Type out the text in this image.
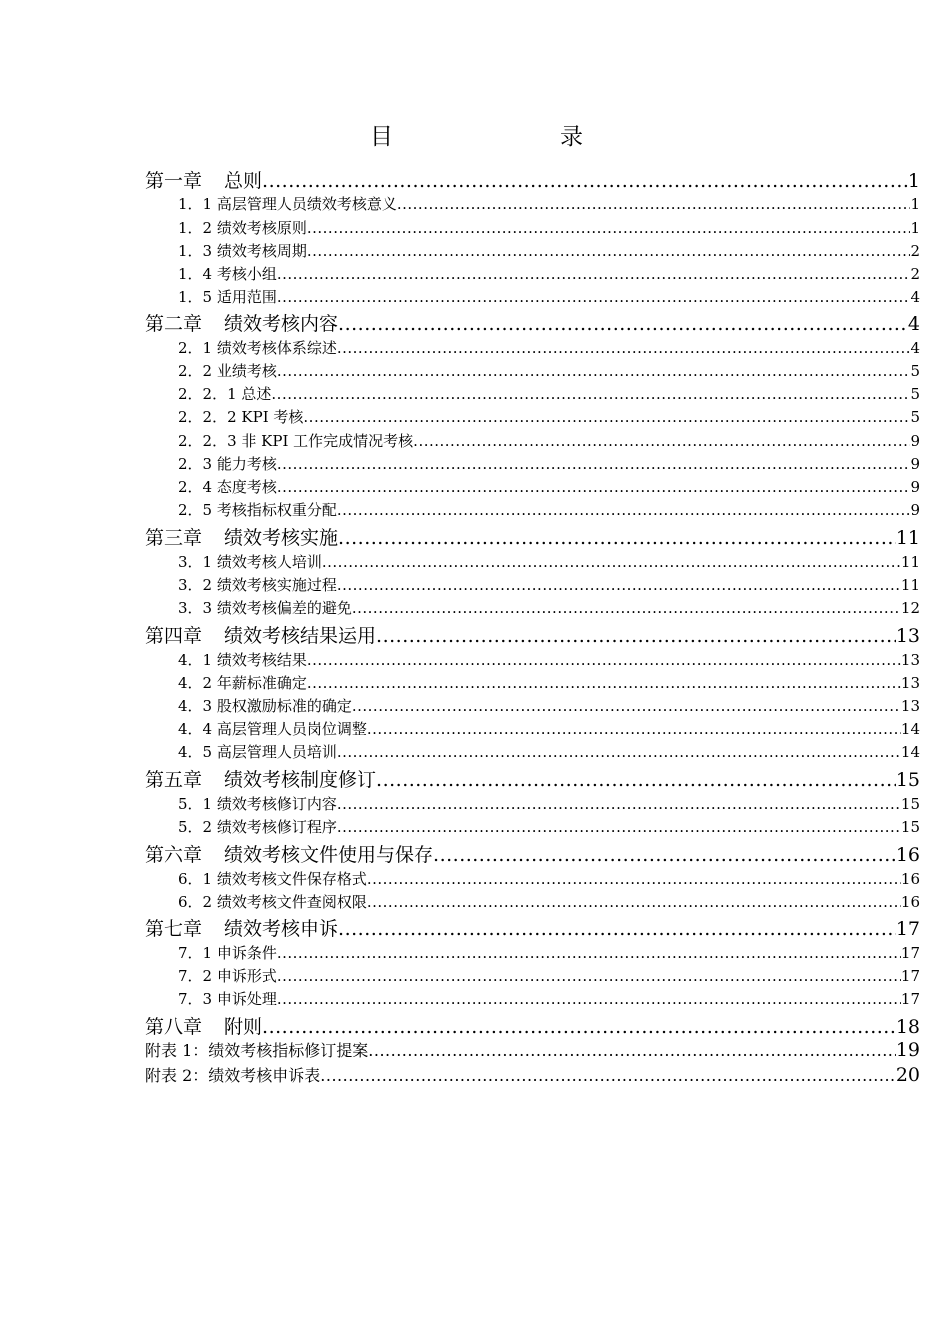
目	录
第一章 总则 .....	1
1．1 高层管理人员绩效考核意义 .....	1
1．2 绩效考核原则 .....	1
1．3 绩效考核周期 .....	2
1．4 考核小组 .....	2
1．5 适用范围 .....	4
第二章 绩效考核内容 .....	4
2．1 绩效考核体系综述 .....	4
2．2 业绩考核 .....	5
2．2．1 总述 .....	5
2．2．2 KPI 考核 .....	5
2．2．3 非 KPI 工作完成情况考核 .....	9
2．3 能力考核 .....	9
2．4 态度考核 .....	9
2．5 考核指标权重分配 .....	9
第三章 绩效考核实施 .....	11
3．1 绩效考核人培训 .....	11
3．2 绩效考核实施过程 .....	11
3．3 绩效考核偏差的避免 .....	12
第四章 绩效考核结果运用 .....	13
4．1 绩效考核结果 .....	13
4．2 年薪标准确定 .....	13
4．3 股权激励标准的确定 .....	13
4．4 高层管理人员岗位调整 .....	14
4．5 高层管理人员培训 .....	14
第五章 绩效考核制度修订 .....	15
5．1 绩效考核修订内容 .....	15
5．2 绩效考核修订程序 .....	15
第六章 绩效考核文件使用与保存 .....	16
6．1 绩效考核文件保存格式 .....	16
6．2 绩效考核文件查阅权限 .....	16
第七章 绩效考核申诉 .....	17
7．1 申诉条件 .....	17
7．2 申诉形式 .....	17
7．3 申诉处理 .....	17
第八章 附则 .....	18
附表 1：绩效考核指标修订提案 .....	19
附表 2：绩效考核申诉表 .....	20
